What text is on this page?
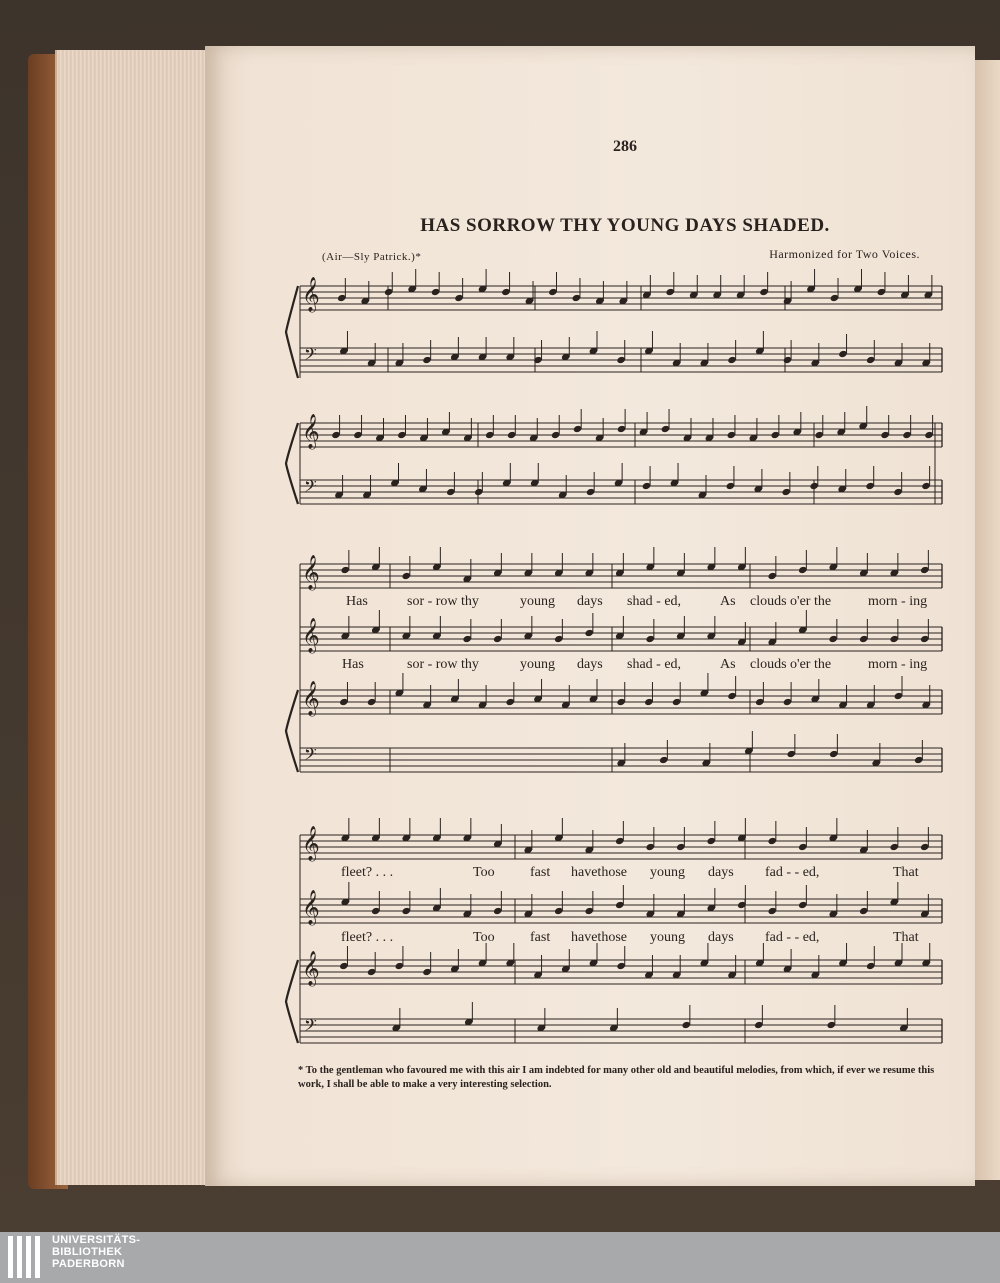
286
HAS SORROW THY YOUNG DAYS SHADED.
(Air—Sly Patrick.)*	Harmonized for Two Voices.
𝄞
𝄢
𝄞
𝄢
𝄞
𝄞
𝄞
𝄢
𝄞
𝄞
𝄞
𝄢
Has	sor - row thy	young days shad - ed,	As clouds o'er the	morn - ing
Has	sor - row thy	young days shad - ed,	As clouds o'er the	morn - ing
fleet? . . .	Too	fast havethose young days fad - - ed,	That
fleet? . . .	Too	fast havethose young days fad - - ed,	That
* To the gentleman who favoured me with this air I am indebted for many other old and beautiful melodies, from which, if ever we resume this work, I shall be able to make a very interesting selection.
UNIVERSITÄTS-
BIBLIOTHEK
PADERBORN
